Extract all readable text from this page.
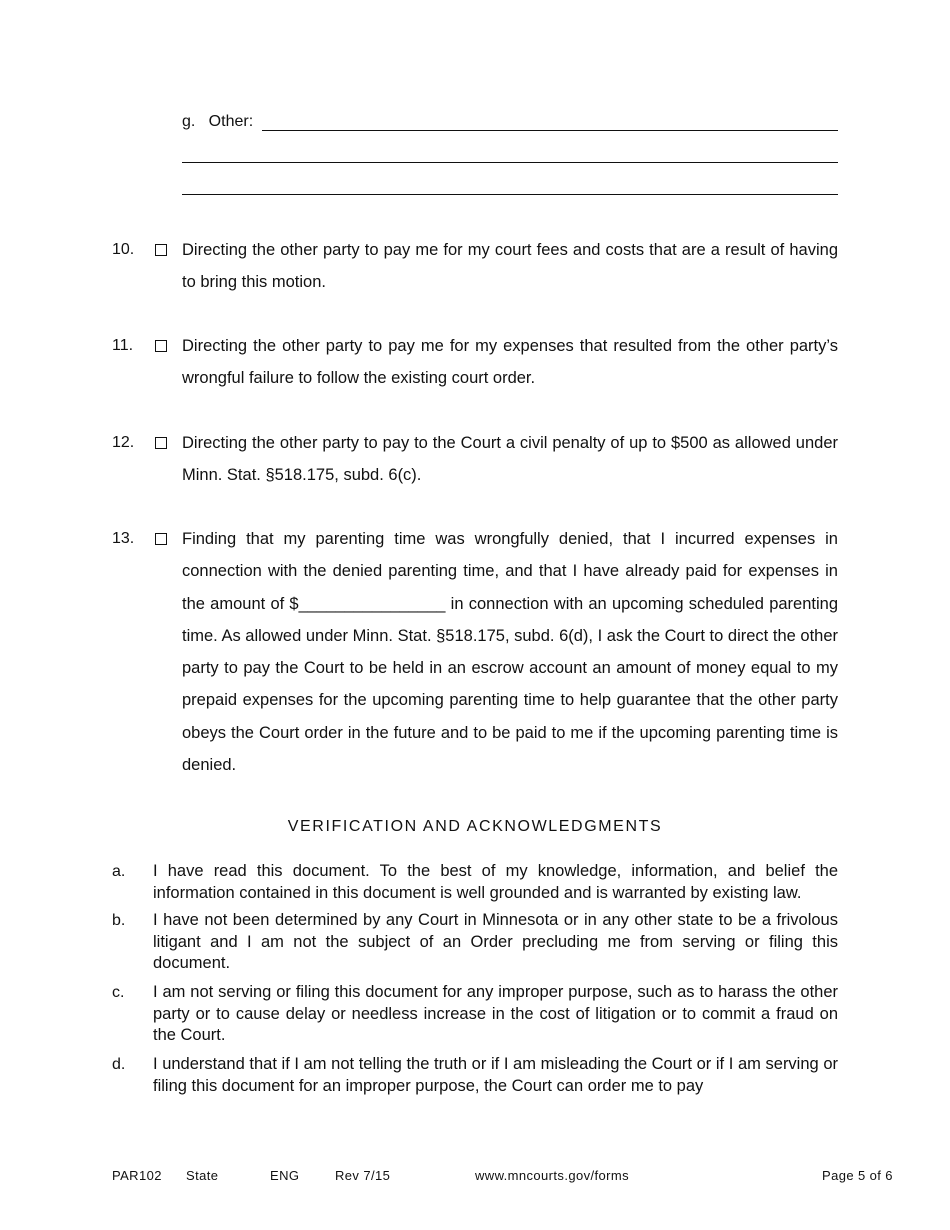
g.   Other:
10.	Directing the other party to pay me for my court fees and costs that are a result of having to bring this motion.
11.	Directing the other party to pay me for my expenses that resulted from the other party’s wrongful failure to follow the existing court order.
12.	Directing the other party to pay to the Court a civil penalty of up to $500 as allowed under Minn. Stat. §518.175, subd. 6(c).
13.	Finding that my parenting time was wrongfully denied, that I incurred expenses in connection with the denied parenting time, and that I have already paid for expenses in the amount of $________________ in connection with an upcoming scheduled parenting time. As allowed under Minn. Stat. §518.175, subd. 6(d), I ask the Court to direct the other party to pay the Court to be held in an escrow account an amount of money equal to my prepaid expenses for the upcoming parenting time to help guarantee that the other party obeys the Court order in the future and to be paid to me if the upcoming parenting time is denied.
VERIFICATION AND ACKNOWLEDGMENTS
a. I have read this document. To the best of my knowledge, information, and belief the information contained in this document is well grounded and is warranted by existing law.
b. I have not been determined by any Court in Minnesota or in any other state to be a frivolous litigant and I am not the subject of an Order precluding me from serving or filing this document.
c. I am not serving or filing this document for any improper purpose, such as to harass the other party or to cause delay or needless increase in the cost of litigation or to commit a fraud on the Court.
d. I understand that if I am not telling the truth or if I am misleading the Court or if I am serving or filing this document for an improper purpose, the Court can order me to pay
PAR102 State	ENG	Rev 7/15	www.mncourts.gov/forms	Page 5 of 6
